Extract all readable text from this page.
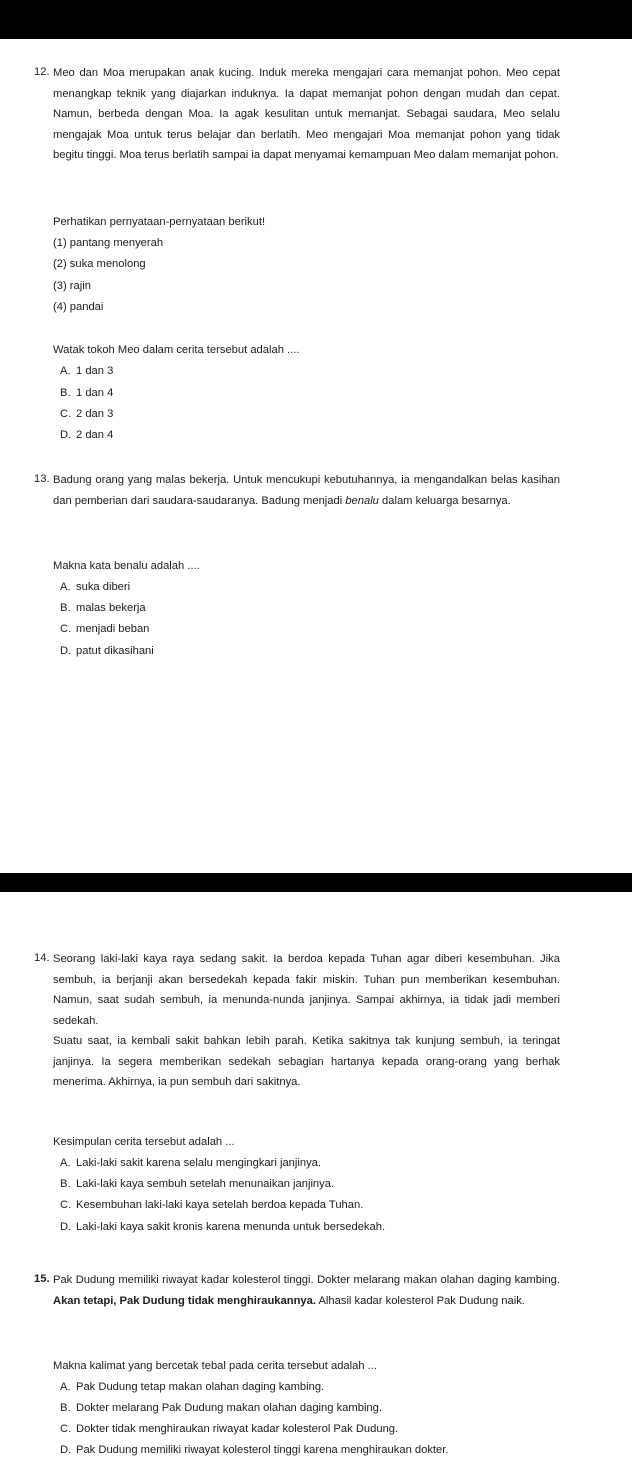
12. Meo dan Moa merupakan anak kucing. Induk mereka mengajari cara memanjat pohon. Meo cepat menangkap teknik yang diajarkan induknya. Ia dapat memanjat pohon dengan mudah dan cepat. Namun, berbeda dengan Moa. Ia agak kesulitan untuk memanjat. Sebagai saudara, Meo selalu mengajak Moa untuk terus belajar dan berlatih. Meo mengajari Moa memanjat pohon yang tidak begitu tinggi. Moa terus berlatih sampai ia dapat menyamai kemampuan Meo dalam memanjat pohon.

Perhatikan pernyataan-pernyataan berikut!
(1) pantang menyerah
(2) suka menolong
(3) rajin
(4) pandai
Watak tokoh Meo dalam cerita tersebut adalah ....
A. 1 dan 3
B. 1 dan 4
C. 2 dan 3
D. 2 dan 4
13. Badung orang yang malas bekerja. Untuk mencukupi kebutuhannya, ia mengandalkan belas kasihan dan pemberian dari saudara-saudaranya. Badung menjadi benalu dalam keluarga besarnya.

Makna kata benalu adalah ....
A. suka diberi
B. malas bekerja
C. menjadi beban
D. patut dikasihani
14. Seorang laki-laki kaya raya sedang sakit. Ia berdoa kepada Tuhan agar diberi kesembuhan. Jika sembuh, ia berjanji akan bersedekah kepada fakir miskin. Tuhan pun memberikan kesembuhan. Namun, saat sudah sembuh, ia menunda-nunda janjinya. Sampai akhirnya, ia tidak jadi memberi sedekah.

Suatu saat, ia kembali sakit bahkan lebih parah. Ketika sakitnya tak kunjung sembuh, ia teringat janjinya. Ia segera memberikan sedekah sebagian hartanya kepada orang-orang yang berhak menerima. Akhirnya, ia pun sembuh dari sakitnya.

Kesimpulan cerita tersebut adalah ...
A. Laki-laki sakit karena selalu mengingkari janjinya.
B. Laki-laki kaya sembuh setelah menunaikan janjinya.
C. Kesembuhan laki-laki kaya setelah berdoa kepada Tuhan.
D. Laki-laki kaya sakit kronis karena menunda untuk bersedekah.
15. Pak Dudung memiliki riwayat kadar kolesterol tinggi. Dokter melarang makan olahan daging kambing. Akan tetapi, Pak Dudung tidak menghiraukannya. Alhasil kadar kolesterol Pak Dudung naik.

Makna kalimat yang bercetak tebal pada cerita tersebut adalah ...
A. Pak Dudung tetap makan olahan daging kambing.
B. Dokter melarang Pak Dudung makan olahan daging kambing.
C. Dokter tidak menghiraukan riwayat kadar kolesterol Pak Dudung.
D. Pak Dudung memiliki riwayat kolesterol tinggi karena menghiraukan dokter.
